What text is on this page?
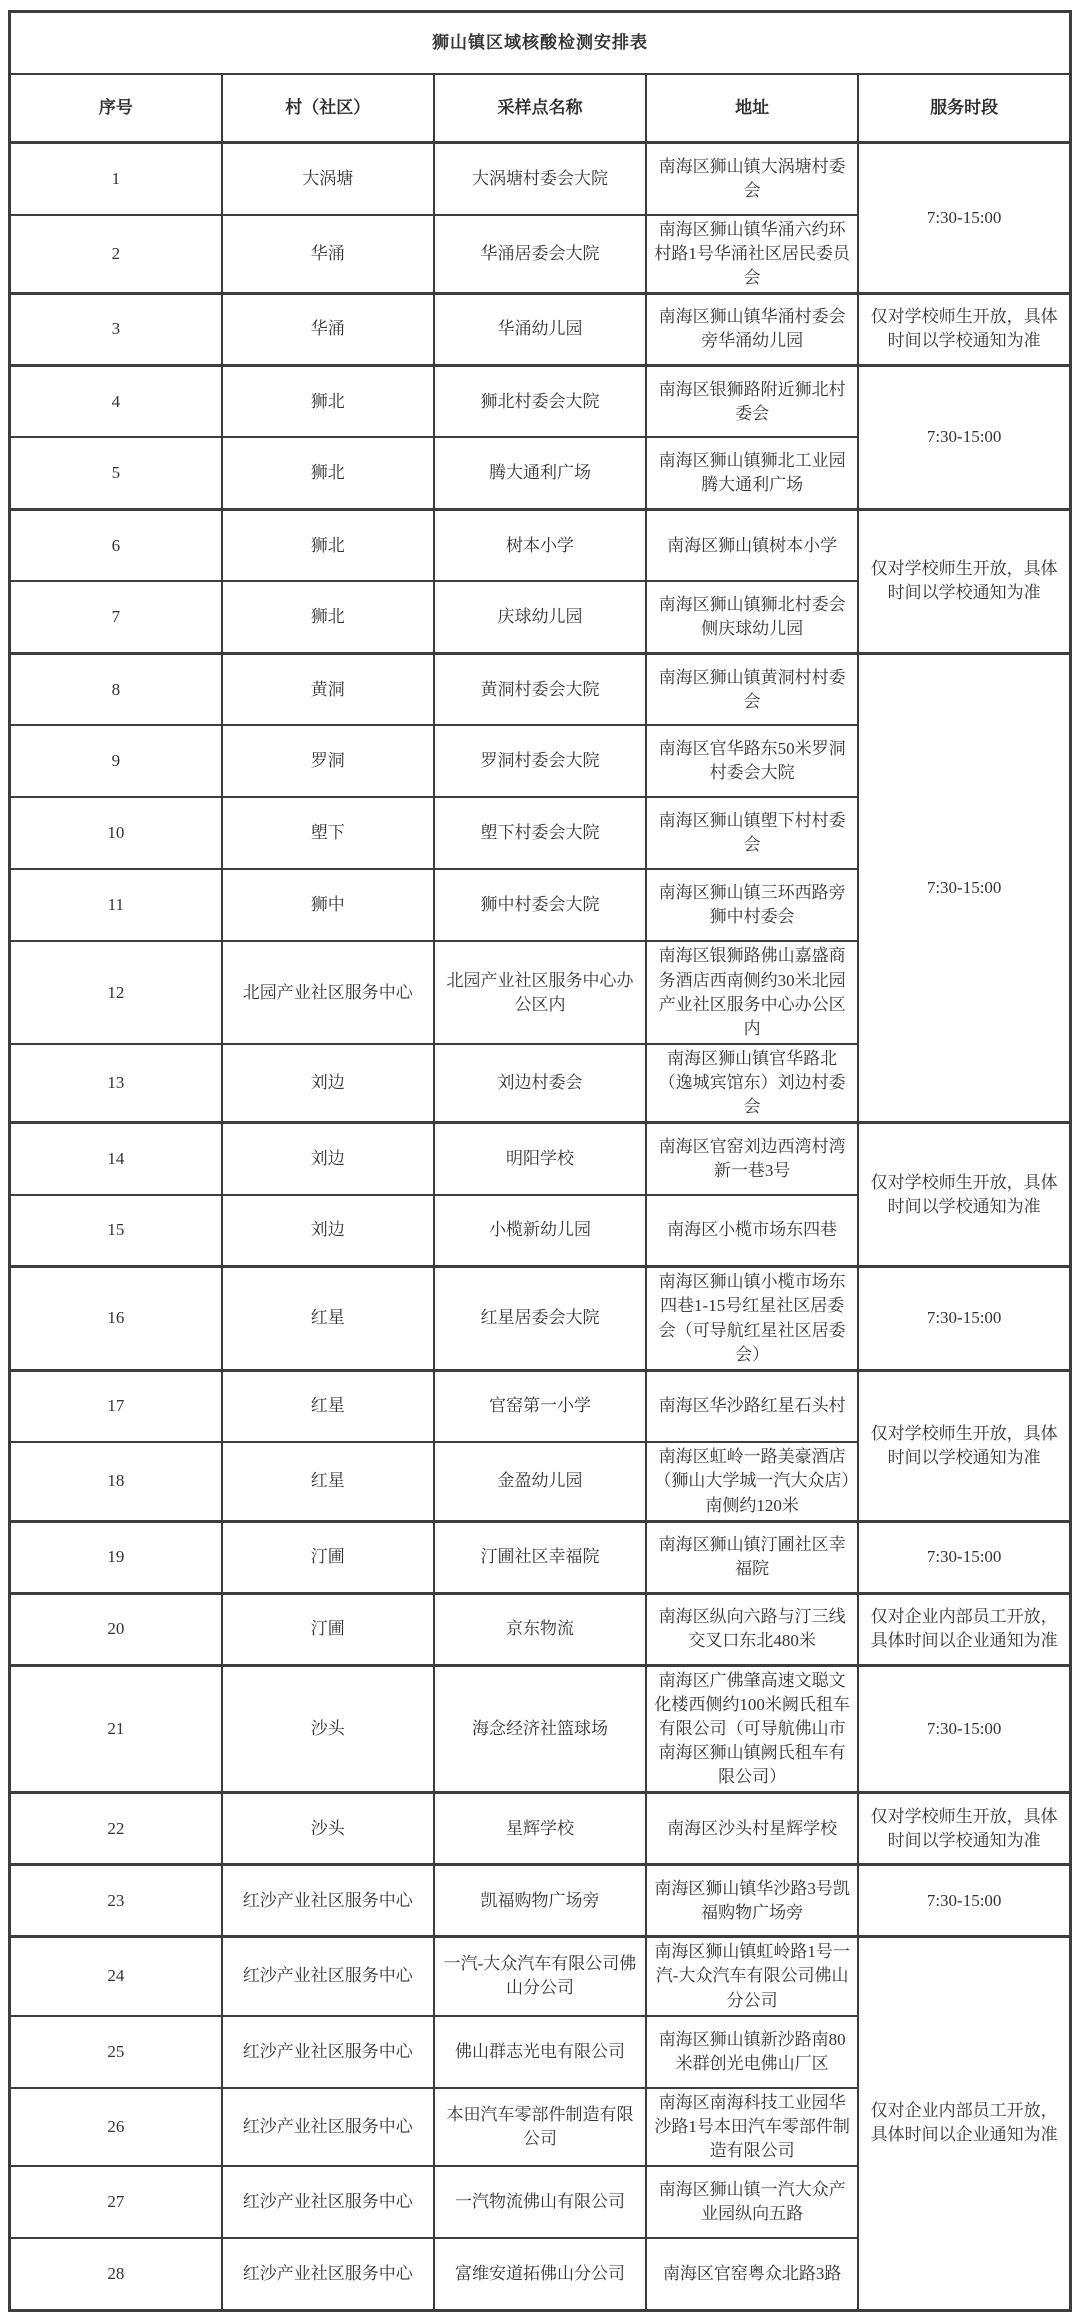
狮山镇区域核酸检测安排表				
序号	村（社区）	采样点名称	地址	服务时段
1	大涡塘	大涡塘村委会大院	南海区狮山镇大涡塘村委会	7:30-15:00
2	华涌	华涌居委会大院	南海区狮山镇华涌六约环村路1号华涌社区居民委员会	
3	华涌	华涌幼儿园	南海区狮山镇华涌村委会旁华涌幼儿园	仅对学校师生开放，具体时间以学校通知为准
4	狮北	狮北村委会大院	南海区银狮路附近狮北村委会	7:30-15:00
5	狮北	腾大通利广场	南海区狮山镇狮北工业园腾大通利广场	
6	狮北	树本小学	南海区狮山镇树本小学	仅对学校师生开放，具体时间以学校通知为准
7	狮北	庆球幼儿园	南海区狮山镇狮北村委会侧庆球幼儿园	
8	黄洞	黄洞村委会大院	南海区狮山镇黄洞村村委会	7:30-15:00
9	罗洞	罗洞村委会大院	南海区官华路东50米罗洞村委会大院	
10	塱下	塱下村委会大院	南海区狮山镇塱下村村委会	
11	狮中	狮中村委会大院	南海区狮山镇三环西路旁狮中村委会	
12	北园产业社区服务中心	北园产业社区服务中心办公区内	南海区银狮路佛山嘉盛商务酒店西南侧约30米北园产业社区服务中心办公区内	
13	刘边	刘边村委会	南海区狮山镇官华路北（逸城宾馆东）刘边村委会	
14	刘边	明阳学校	南海区官窑刘边西湾村湾新一巷3号	仅对学校师生开放，具体时间以学校通知为准
15	刘边	小榄新幼儿园	南海区小榄市场东四巷	
16	红星	红星居委会大院	南海区狮山镇小榄市场东四巷1-15号红星社区居委会（可导航红星社区居委会）	7:30-15:00
17	红星	官窑第一小学	南海区华沙路红星石头村	仅对学校师生开放，具体时间以学校通知为准
18	红星	金盈幼儿园	南海区虹岭一路美豪酒店（狮山大学城一汽大众店）南侧约120米	
19	汀圃	汀圃社区幸福院	南海区狮山镇汀圃社区幸福院	7:30-15:00
20	汀圃	京东物流	南海区纵向六路与汀三线交叉口东北480米	仅对企业内部员工开放，具体时间以企业通知为准
21	沙头	海念经济社篮球场	南海区广佛肇高速文聪文化楼西侧约100米阙氏租车有限公司（可导航佛山市南海区狮山镇阙氏租车有限公司）	7:30-15:00
22	沙头	星辉学校	南海区沙头村星辉学校	仅对学校师生开放，具体时间以学校通知为准
23	红沙产业社区服务中心	凯福购物广场旁	南海区狮山镇华沙路3号凯福购物广场旁	7:30-15:00
24	红沙产业社区服务中心	一汽-大众汽车有限公司佛山分公司	南海区狮山镇虹岭路1号一汽-大众汽车有限公司佛山分公司	仅对企业内部员工开放，具体时间以企业通知为准
25	红沙产业社区服务中心	佛山群志光电有限公司	南海区狮山镇新沙路南80米群创光电佛山厂区	
26	红沙产业社区服务中心	本田汽车零部件制造有限公司	南海区南海科技工业园华沙路1号本田汽车零部件制造有限公司	
27	红沙产业社区服务中心	一汽物流佛山有限公司	南海区狮山镇一汽大众产业园纵向五路	
28	红沙产业社区服务中心	富维安道拓佛山分公司	南海区官窑粤众北路3路	
